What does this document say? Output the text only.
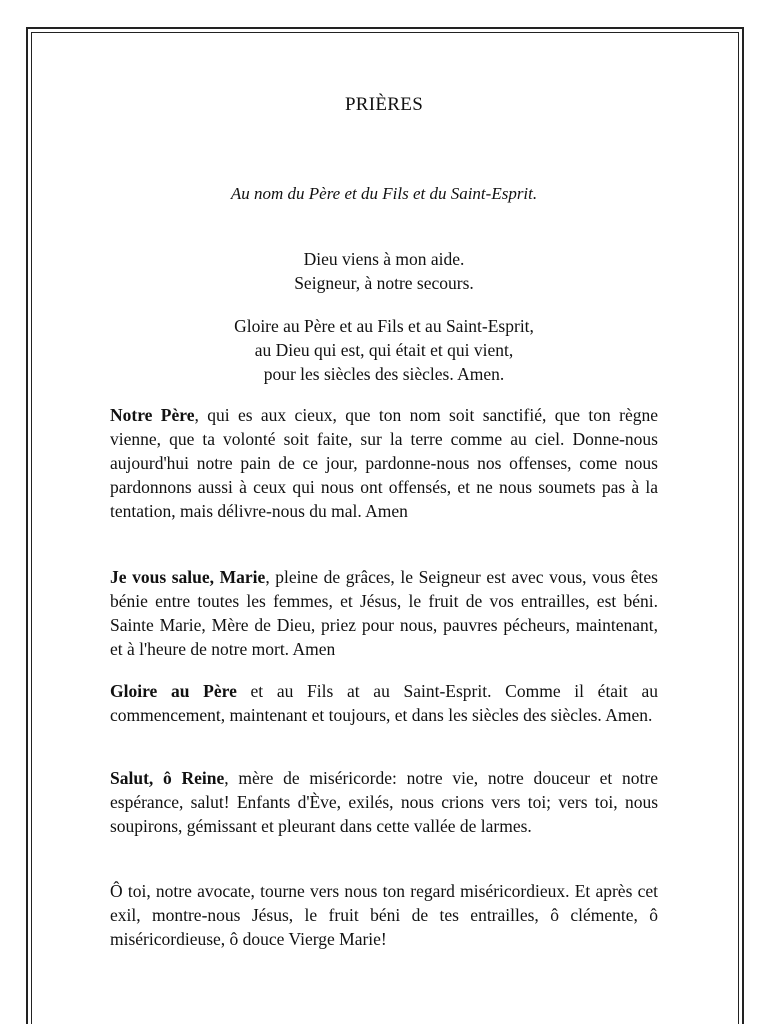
PRIÈRES
Au nom du Père et du Fils et du Saint-Esprit.
Dieu viens à mon aide.
Seigneur, à notre secours.
Gloire au Père et au Fils et au Saint-Esprit,
au Dieu qui est, qui était et qui vient,
pour les siècles des siècles. Amen.

Notre Père, qui es aux cieux, que ton nom soit sanctifié, que ton règne vienne, que ta volonté soit faite, sur la terre comme au ciel. Donne-nous aujourd'hui notre pain de ce jour, pardonne-nous nos offenses, come nous pardonnons aussi à ceux qui nous ont offensés, et ne nous soumets pas à la tentation, mais délivre-nous du mal. Amen

Je vous salue, Marie, pleine de grâces, le Seigneur est avec vous, vous êtes bénie entre toutes les femmes, et Jésus, le fruit de vos entrailles, est béni. Sainte Marie, Mère de Dieu, priez pour nous, pauvres pécheurs, maintenant, et à l'heure de notre mort. Amen

Gloire au Père et au Fils at au Saint-Esprit. Comme il était au commencement, maintenant et toujours, et dans les siècles des siècles. Amen.

Salut, ô Reine, mère de miséricorde: notre vie, notre douceur et notre espérance, salut! Enfants d'Ève, exilés, nous crions vers toi; vers toi, nous soupirons, gémissant et pleurant dans cette vallée de larmes.

Ô toi, notre avocate, tourne vers nous ton regard miséricordieux. Et après cet exil, montre-nous Jésus, le fruit béni de tes entrailles, ô clémente, ô miséricordieuse, ô douce Vierge Marie!
